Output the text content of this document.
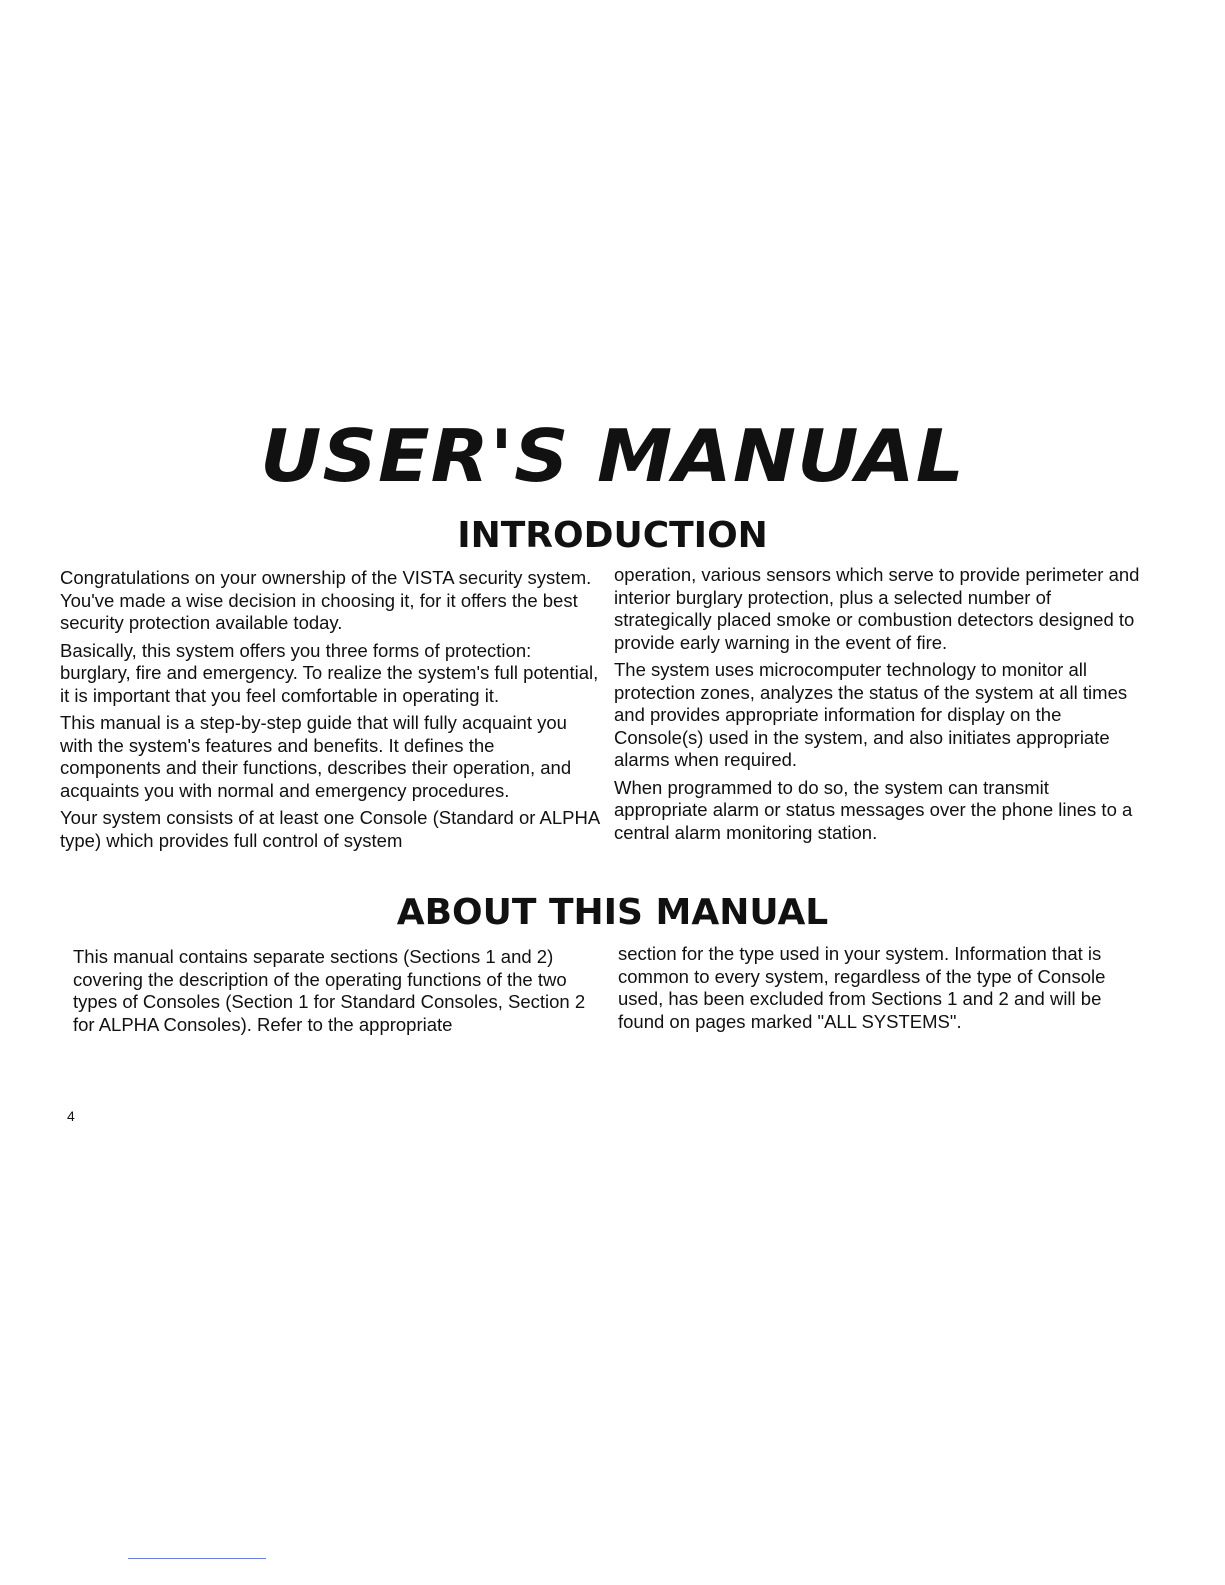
USER'S MANUAL
INTRODUCTION

Congratulations on your ownership of the VISTA security system. You've made a wise decision in choosing it, for it offers the best security protection available today.

Basically, this system offers you three forms of protection: burglary, fire and emergency. To realize the system's full potential, it is important that you feel comfortable in operating it.

This manual is a step-by-step guide that will fully acquaint you with the system's features and benefits. It defines the components and their functions, describes their operation, and acquaints you with normal and emergency procedures.

Your system consists of at least one Console (Standard or ALPHA type) which provides full control of system

operation, various sensors which serve to provide perimeter and interior burglary protection, plus a selected number of strategically placed smoke or combustion detectors designed to provide early warning in the event of fire.

The system uses microcomputer technology to monitor all protection zones, analyzes the status of the system at all times and provides appropriate information for display on the Console(s) used in the system, and also initiates appropriate alarms when required.

When programmed to do so, the system can transmit appropriate alarm or status messages over the phone lines to a central alarm monitoring station.

ABOUT THIS MANUAL

This manual contains separate sections (Sections 1 and 2) covering the description of the operating functions of the two types of Consoles (Section 1 for Standard Consoles, Section 2 for ALPHA Consoles). Refer to the appropriate

section for the type used in your system. Information that is common to every system, regardless of the type of Console used, has been excluded from Sections 1 and 2 and will be found on pages marked "ALL SYSTEMS".

4
